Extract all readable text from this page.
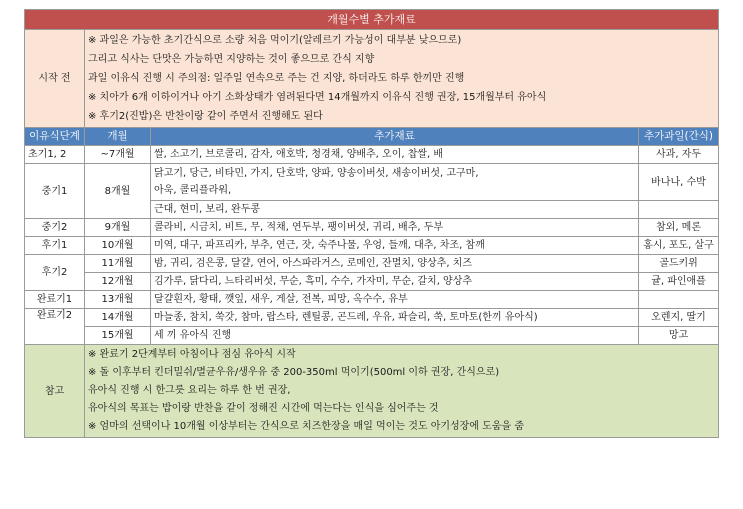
개월수별 추가재료			
시작 전	※ 과일은 가능한 초기간식으로 소량 처음 먹이기(알레르기 가능성이 대부분 낮으므로)
그리고 식사는 단맛은 가능하면 지양하는 것이 좋으므로 간식 지향
과일 이유식 진행 시 주의점: 일주일 연속으로 주는 건 지양, 하더라도 하루 한끼만 진행
※ 치아가 6개 이하이거나 아기 소화상태가 염려된다면 14개월까지 이유식 진행 권장, 15개월부터 유아식
※ 후기2(진밥)은 반찬이랑 같이 주면서 진행해도 된다		

이유식단계	개월	추가재료	추가과일(간식)
초기1, 2	~7개월	쌀, 소고기, 브로콜리, 감자, 애호박, 청경채, 양배추, 오이, 찹쌀, 배	사과, 자두
중기1	8개월	닭고기, 당근, 비타민, 가지, 단호박, 양파, 양송이버섯, 새송이버섯, 고구마,
아욱, 콜리플라워,	바나나, 수박
		근대, 현미, 보리, 완두콩	
중기2	9개월	콜라비, 시금치, 비트, 무, 적채, 연두부, 팽이버섯, 귀리, 배추, 두부	참외, 메론
후기1	10개월	미역, 대구, 파프리카, 부추, 연근, 잣, 숙주나물, 우엉, 들깨, 대추, 차조, 참깨	홍시, 포도, 살구
후기2	11개월	밤, 귀리, 검은콩, 달걀, 연어, 아스파라거스, 로메인, 잔멸치, 양상추, 치즈	골드키위
	12개월	김가루, 닭다리, 느타리버섯, 무순, 흑미, 수수, 가자미, 무순, 갈치, 양상추	귤, 파인애플
완료기1	13개월	달걀흰자, 황태, 깻잎, 새우, 게살, 전복, 피망, 옥수수, 유부	
완료기2	14개월	마늘종, 참치, 쑥갓, 참마, 랍스타, 렌틸콩, 곤드레, 우유, 파슬리, 쑥, 토마토(한끼 유아식)	오렌지, 딸기
	15개월	세 끼 유아식 진행	망고
참고	※ 완료기 2단계부터 아침이나 점심 유아식 시작
※ 돌 이후부터 킨더밀쉬/멸균우유/생우유 중 200-350ml 먹이기(500ml 이하 권장, 간식으로)
유아식 진행 시 한그릇 요리는 하루 한 번 권장,
유아식의 목표는 밥이랑 반찬을 같이 정해진 시간에 먹는다는 인식을 심어주는 것
※ 엄마의 선택이나 10개월 이상부터는 간식으로 치즈한장을 매일 먹이는 것도 아기성장에 도움을 줌		
